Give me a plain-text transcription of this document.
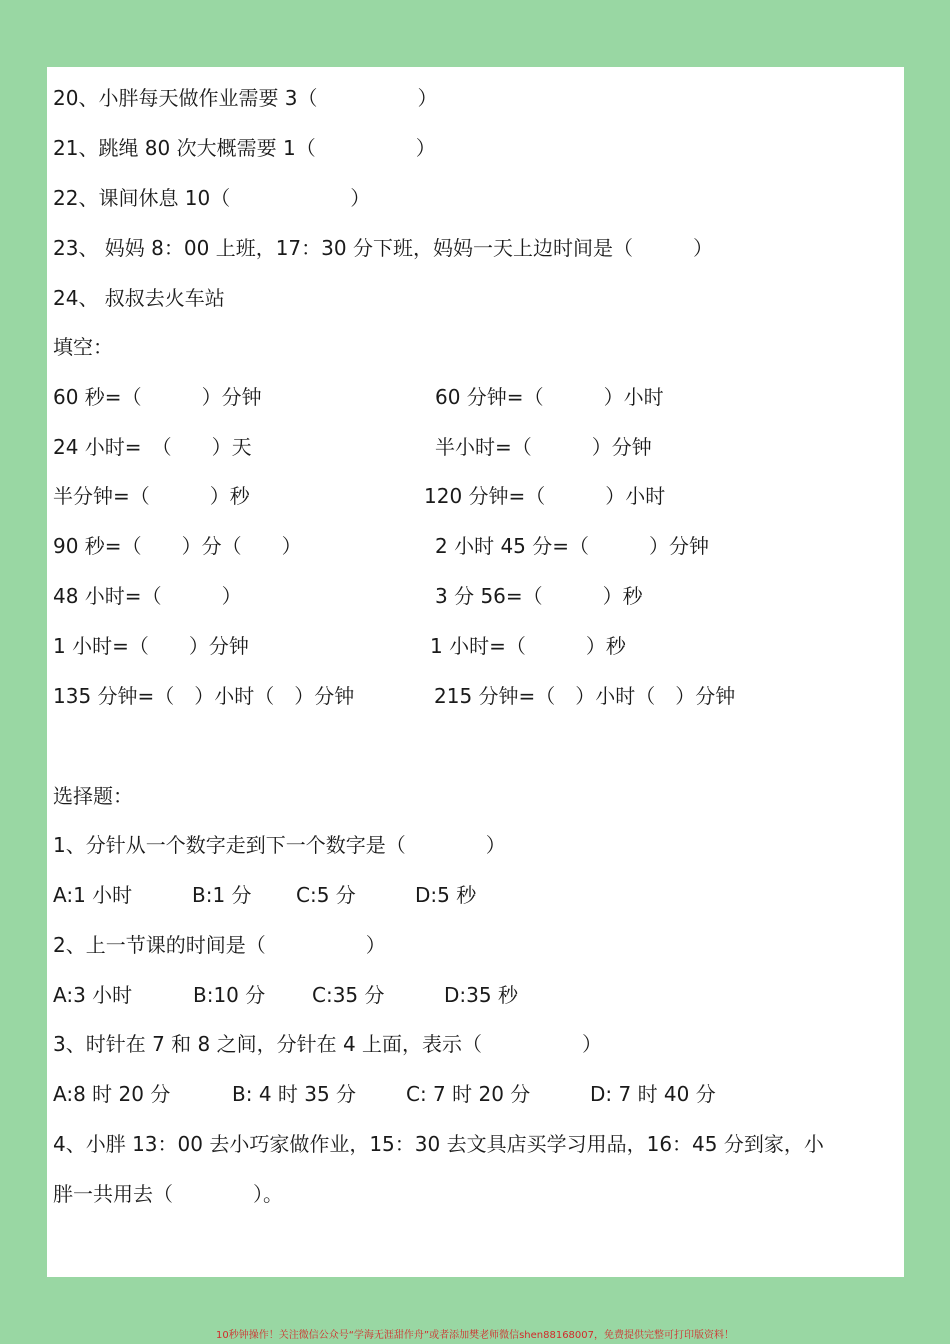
20、小胖每天做作业需要 3（　　　　　）
21、跳绳 80 次大概需要 1（　　　　　）
22、课间休息 10（　　　　　　）
23、 妈妈 8：00 上班，17：30 分下班，妈妈一天上边时间是（　　　）
24、 叔叔去火车站
填空：
60 秒=（　　　）分钟	60 分钟=（　　　）小时
24 小时=　（　　）天	半小时=（　　　）分钟
半分钟=（　　　）秒	120 分钟=（　　　）小时
90 秒=（　　）分（　　）	2 小时 45 分=（　　　）分钟
48 小时=（　　　）	3 分 56=（　　　）秒
1 小时=（　　）分钟	1 小时=（　　　）秒
135 分钟=（　）小时（　）分钟	215 分钟=（　）小时（　）分钟
选择题：
1、分针从一个数字走到下一个数字是（　　　　）
A:1 小时	B:1 分 C:5 分	D:5 秒
2、上一节课的时间是（　　　　　）
A:3 小时	B:10 分 C:35 分	D:35 秒
3、时针在 7 和 8 之间，分针在 4 上面，表示（　　　　　）
A:8 时 20 分	B: 4 时 35 分 C: 7 时 20 分	D: 7 时 40 分
4、小胖 13：00 去小巧家做作业，15：30 去文具店买学习用品，16：45 分到家，小
胖一共用去（　　　　）。
10秒钟操作！关注微信公众号“学海无涯甜作舟”或者添加樊老师微信shen88168007，免费提供完整可打印版资料！
